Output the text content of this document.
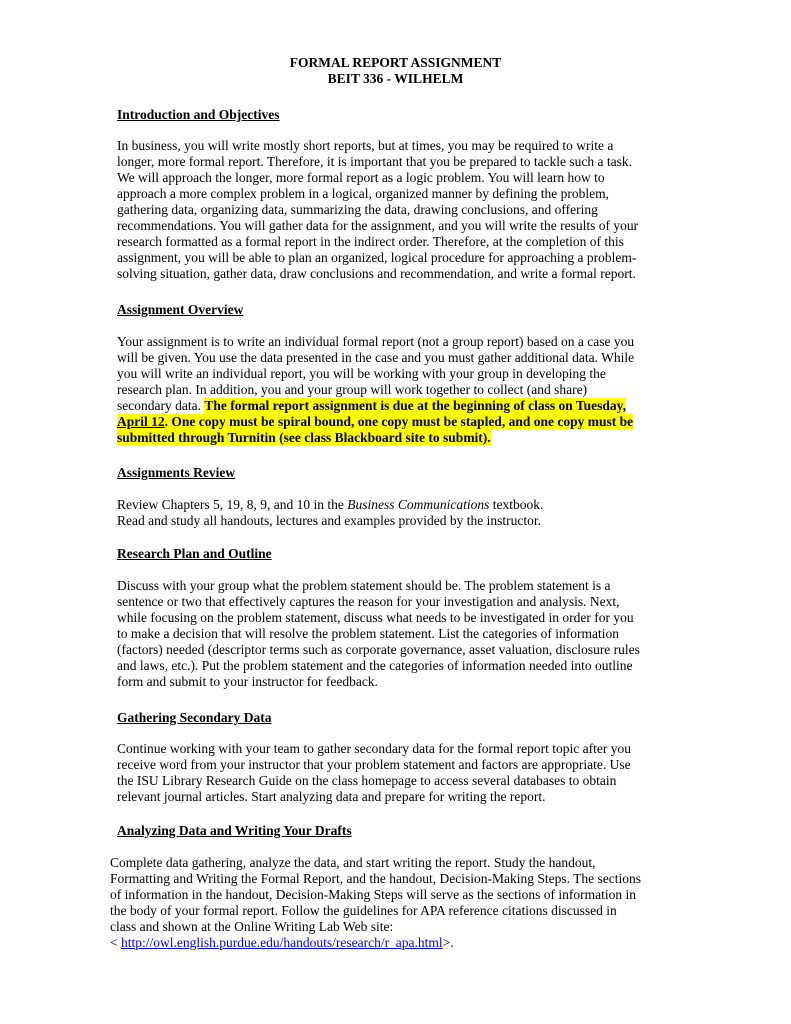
FORMAL REPORT ASSIGNMENT
BEIT 336 - WILHELM
Introduction and Objectives
In business, you will write mostly short reports, but at times, you may be required to write a
longer, more formal report. Therefore, it is important that you be prepared to tackle such a task.
We will approach the longer, more formal report as a logic problem. You will learn how to
approach a more complex problem in a logical, organized manner by defining the problem,
gathering data, organizing data, summarizing the data, drawing conclusions, and offering
recommendations. You will gather data for the assignment, and you will write the results of your
research formatted as a formal report in the indirect order. Therefore, at the completion of this
assignment, you will be able to plan an organized, logical procedure for approaching a problem-
solving situation, gather data, draw conclusions and recommendation, and write a formal report.
Assignment Overview
Your assignment is to write an individual formal report (not a group report) based on a case you
will be given. You use the data presented in the case and you must gather additional data. While
you will write an individual report, you will be working with your group in developing the
research plan. In addition, you and your group will work together to collect (and share)
secondary data. The formal report assignment is due at the beginning of class on Tuesday,
April 12. One copy must be spiral bound, one copy must be stapled, and one copy must be
submitted through Turnitin (see class Blackboard site to submit).
Assignments Review
Review Chapters 5, 19, 8, 9, and 10 in the Business Communications textbook.
Read and study all handouts, lectures and examples provided by the instructor.
Research Plan and Outline
Discuss with your group what the problem statement should be. The problem statement is a
sentence or two that effectively captures the reason for your investigation and analysis. Next,
while focusing on the problem statement, discuss what needs to be investigated in order for you
to make a decision that will resolve the problem statement. List the categories of information
(factors) needed (descriptor terms such as corporate governance, asset valuation, disclosure rules
and laws, etc.). Put the problem statement and the categories of information needed into outline
form and submit to your instructor for feedback.
Gathering Secondary Data
Continue working with your team to gather secondary data for the formal report topic after you
receive word from your instructor that your problem statement and factors are appropriate. Use
the ISU Library Research Guide on the class homepage to access several databases to obtain
relevant journal articles. Start analyzing data and prepare for writing the report.
Analyzing Data and Writing Your Drafts
Complete data gathering, analyze the data, and start writing the report. Study the handout,
Formatting and Writing the Formal Report, and the handout, Decision-Making Steps. The sections
of information in the handout, Decision-Making Steps will serve as the sections of information in
the body of your formal report. Follow the guidelines for APA reference citations discussed in
class and shown at the Online Writing Lab Web site:
< http://owl.english.purdue.edu/handouts/research/r_apa.html>.
